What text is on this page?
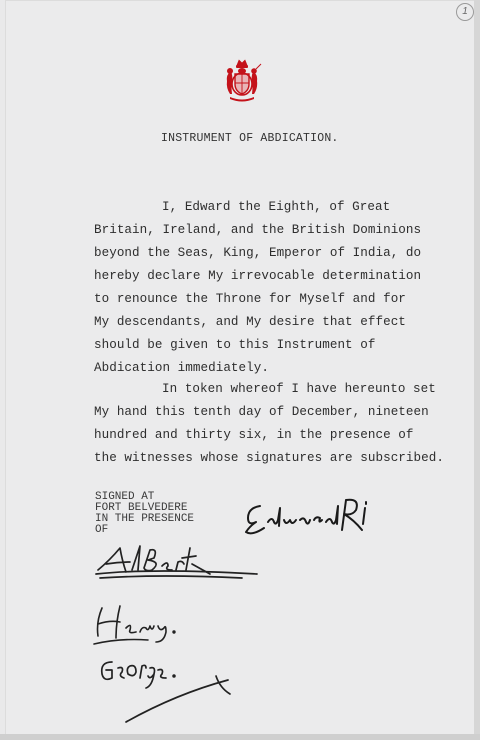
1
INSTRUMENT OF ABDICATION.
I, Edward the Eighth, of Great
Britain, Ireland, and the British Dominions
beyond the Seas, King, Emperor of India, do
hereby declare My irrevocable determination
to renounce the Throne for Myself and for
My descendants, and My desire that effect
should be given to this Instrument of
Abdication immediately.
In token whereof I have hereunto set
My hand this tenth day of December, nineteen
hundred and thirty six, in the presence of
the witnesses whose signatures are subscribed.
SIGNED AT
FORT BELVEDERE
IN THE PRESENCE
OF
